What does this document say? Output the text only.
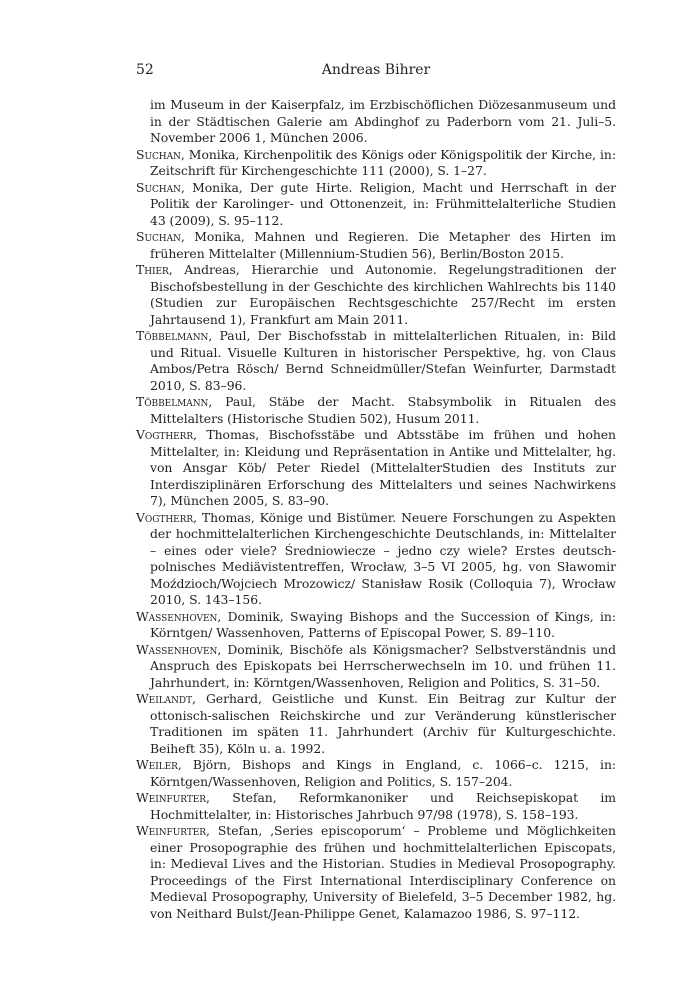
52	Andreas Bihrer

im Museum in der Kaiserpfalz, im Erzbischöflichen Diözesanmuseum und in der Städtischen Galerie am Abdinghof zu Paderborn vom 21. Juli–5. November 2006 1, München 2006.

Suchan, Monika, Kirchenpolitik des Königs oder Königspolitik der Kirche, in: Zeitschrift für Kirchengeschichte 111 (2000), S. 1–27.

Suchan, Monika, Der gute Hirte. Religion, Macht und Herrschaft in der Politik der Karolinger- und Ottonenzeit, in: Frühmittelalterliche Studien 43 (2009), S. 95–112.

Suchan, Monika, Mahnen und Regieren. Die Metapher des Hirten im früheren Mittelalter (Millennium-Studien 56), Berlin/Boston 2015.

Thier, Andreas, Hierarchie und Autonomie. Regelungstraditionen der Bischofsbestellung in der Geschichte des kirchlichen Wahlrechts bis 1140 (Studien zur Europäischen Rechtsgeschichte 257/Recht im ersten Jahrtausend 1), Frankfurt am Main 2011.

Többelmann, Paul, Der Bischofsstab in mittelalterlichen Ritualen, in: Bild und Ritual. Visuelle Kulturen in historischer Perspektive, hg. von Claus Ambos/Petra Rösch/ Bernd Schneidmüller/Stefan Weinfurter, Darmstadt 2010, S. 83–96.

Többelmann, Paul, Stäbe der Macht. Stabsymbolik in Ritualen des Mittelalters (Historische Studien 502), Husum 2011.

Vogtherr, Thomas, Bischofsstäbe und Abtsstäbe im frühen und hohen Mittelalter, in: Kleidung und Repräsentation in Antike und Mittelalter, hg. von Ansgar Köb/ Peter Riedel (MittelalterStudien des Instituts zur Interdisziplinären Erforschung des Mittelalters und seines Nachwirkens 7), München 2005, S. 83–90.

Vogtherr, Thomas, Könige und Bistümer. Neuere Forschungen zu Aspekten der hochmittelalterlichen Kirchengeschichte Deutschlands, in: Mittelalter – eines oder viele? Średniowiecze – jedno czy wiele? Erstes deutsch-polnisches Mediävistentreffen, Wrocław, 3–5 VI 2005, hg. von Sławomir Moździoch/Wojciech Mrozowicz/ Stanisław Rosik (Colloquia 7), Wrocław 2010, S. 143–156.

Wassenhoven, Dominik, Swaying Bishops and the Succession of Kings, in: Körntgen/ Wassenhoven, Patterns of Episcopal Power, S. 89–110.

Wassenhoven, Dominik, Bischöfe als Königsmacher? Selbstverständnis und Anspruch des Episkopats bei Herrscherwechseln im 10. und frühen 11. Jahrhundert, in: Körntgen/Wassenhoven, Religion and Politics, S. 31–50.

Weilandt, Gerhard, Geistliche und Kunst. Ein Beitrag zur Kultur der ottonisch-salischen Reichskirche und zur Veränderung künstlerischer Traditionen im späten 11. Jahrhundert (Archiv für Kulturgeschichte. Beiheft 35), Köln u. a. 1992.

Weiler, Björn, Bishops and Kings in England, c. 1066–c. 1215, in: Körntgen/Wassenhoven, Religion and Politics, S. 157–204.

Weinfurter, Stefan, Reformkanoniker und Reichsepiskopat im Hochmittelalter, in: Historisches Jahrbuch 97/98 (1978), S. 158–193.

Weinfurter, Stefan, ‚Series episcoporum‘ – Probleme und Möglichkeiten einer Prosopographie des frühen und hochmittelalterlichen Episcopats, in: Medieval Lives and the Historian. Studies in Medieval Prosopography. Proceedings of the First International Interdisciplinary Conference on Medieval Prosopography, University of Bielefeld, 3–5 December 1982, hg. von Neithard Bulst/Jean-Philippe Genet, Kalamazoo 1986, S. 97–112.
